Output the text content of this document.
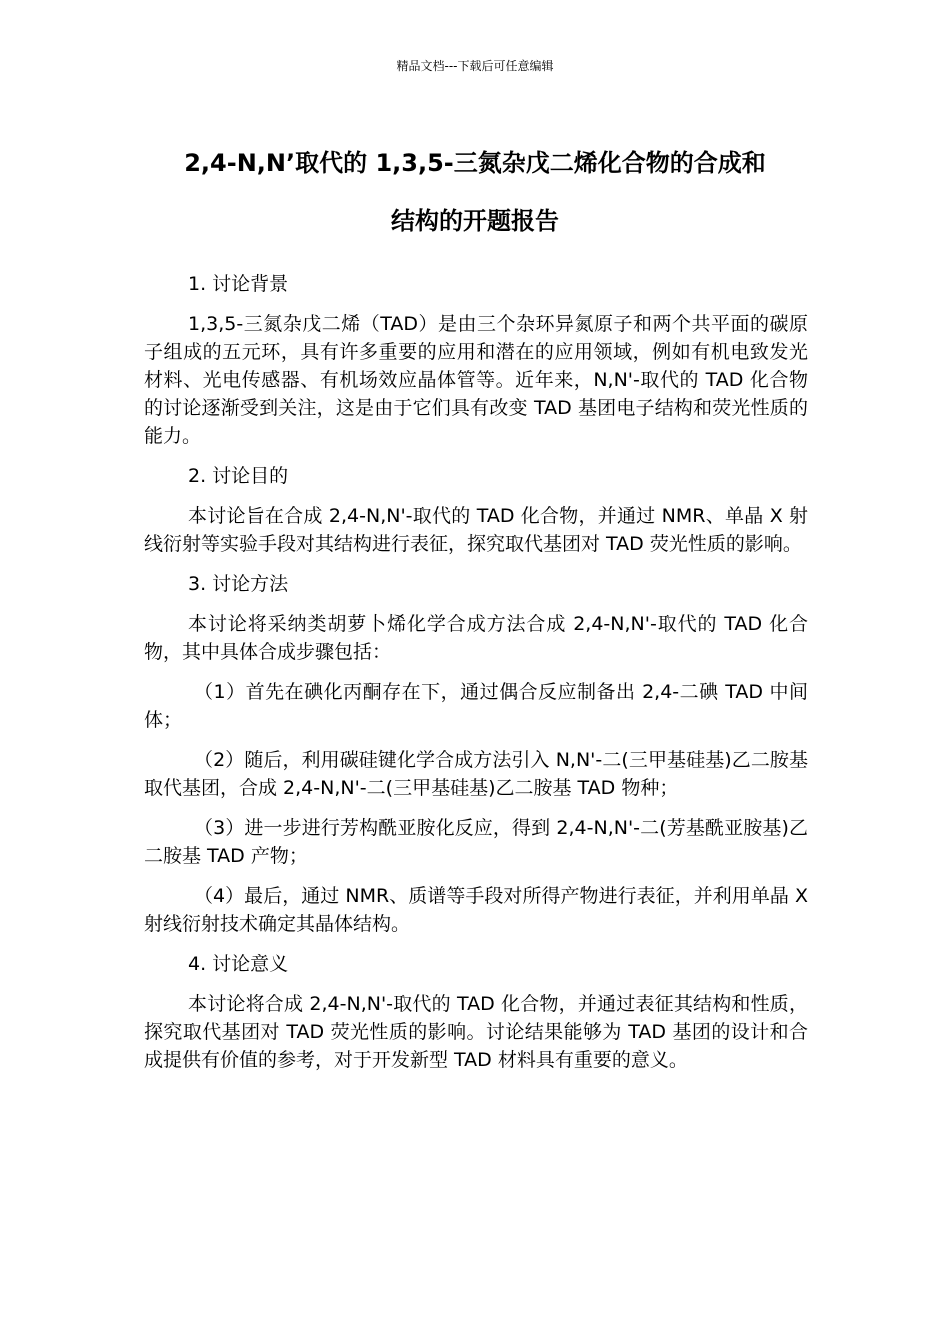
精品文档---下载后可任意编辑
2,4-N,N’取代的 1,3,5-三氮杂戊二烯化合物的合成和
结构的开题报告

1. 讨论背景

1,3,5-三氮杂戊二烯（TAD）是由三个杂环异氮原子和两个共平面的碳原子组成的五元环，具有许多重要的应用和潜在的应用领域，例如有机电致发光材料、光电传感器、有机场效应晶体管等。近年来，N,N'-取代的 TAD 化合物的讨论逐渐受到关注，这是由于它们具有改变 TAD 基团电子结构和荧光性质的能力。

2. 讨论目的

本讨论旨在合成 2,4-N,N'-取代的 TAD 化合物，并通过 NMR、单晶 X 射线衍射等实验手段对其结构进行表征，探究取代基团对 TAD 荧光性质的影响。

3. 讨论方法

本讨论将采纳类胡萝卜烯化学合成方法合成 2,4-N,N'-取代的 TAD 化合物，其中具体合成步骤包括：

（1）首先在碘化丙酮存在下，通过偶合反应制备出 2,4-二碘 TAD 中间体；

（2）随后，利用碳硅键化学合成方法引入 N,N'-二(三甲基硅基)乙二胺基取代基团，合成 2,4-N,N'-二(三甲基硅基)乙二胺基 TAD 物种；

（3）进一步进行芳构酰亚胺化反应，得到 2,4-N,N'-二(芳基酰亚胺基)乙二胺基 TAD 产物；

（4）最后，通过 NMR、质谱等手段对所得产物进行表征，并利用单晶 X 射线衍射技术确定其晶体结构。

4. 讨论意义

本讨论将合成 2,4-N,N'-取代的 TAD 化合物，并通过表征其结构和性质，探究取代基团对 TAD 荧光性质的影响。讨论结果能够为 TAD 基团的设计和合成提供有价值的参考，对于开发新型 TAD 材料具有重要的意义。
